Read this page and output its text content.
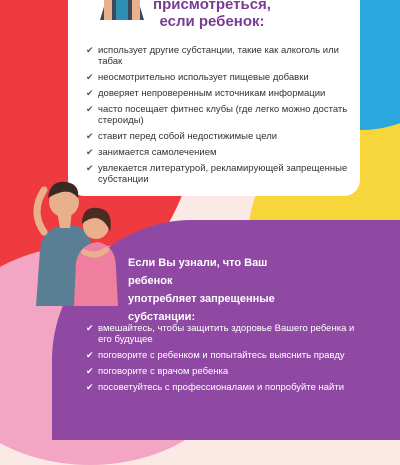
присмотреться,
если ребенок:
✔ использует другие субстанции, такие как алкоголь или табак
✔ неосмотрительно использует пищевые добавки
✔ доверяет непроверенным источникам информации
✔ часто посещает фитнес клубы (где легко можно достать стероиды)
✔ ставит перед собой недостижимые цели
✔ занимается самолечением
✔ увлекается литературой, рекламирующей запрещенные субстанции
Если Вы узнали, что Ваш ребенок
употребляет запрещенные
субстанции:
✔ вмешайтесь, чтобы защитить здоровье Вашего ребенка и его будущее
✔ поговорите с ребенком и попытайтесь выяснить правду
✔ поговорите с врачом ребенка
✔ посоветуйтесь с профессионалами и попробуйте найти
